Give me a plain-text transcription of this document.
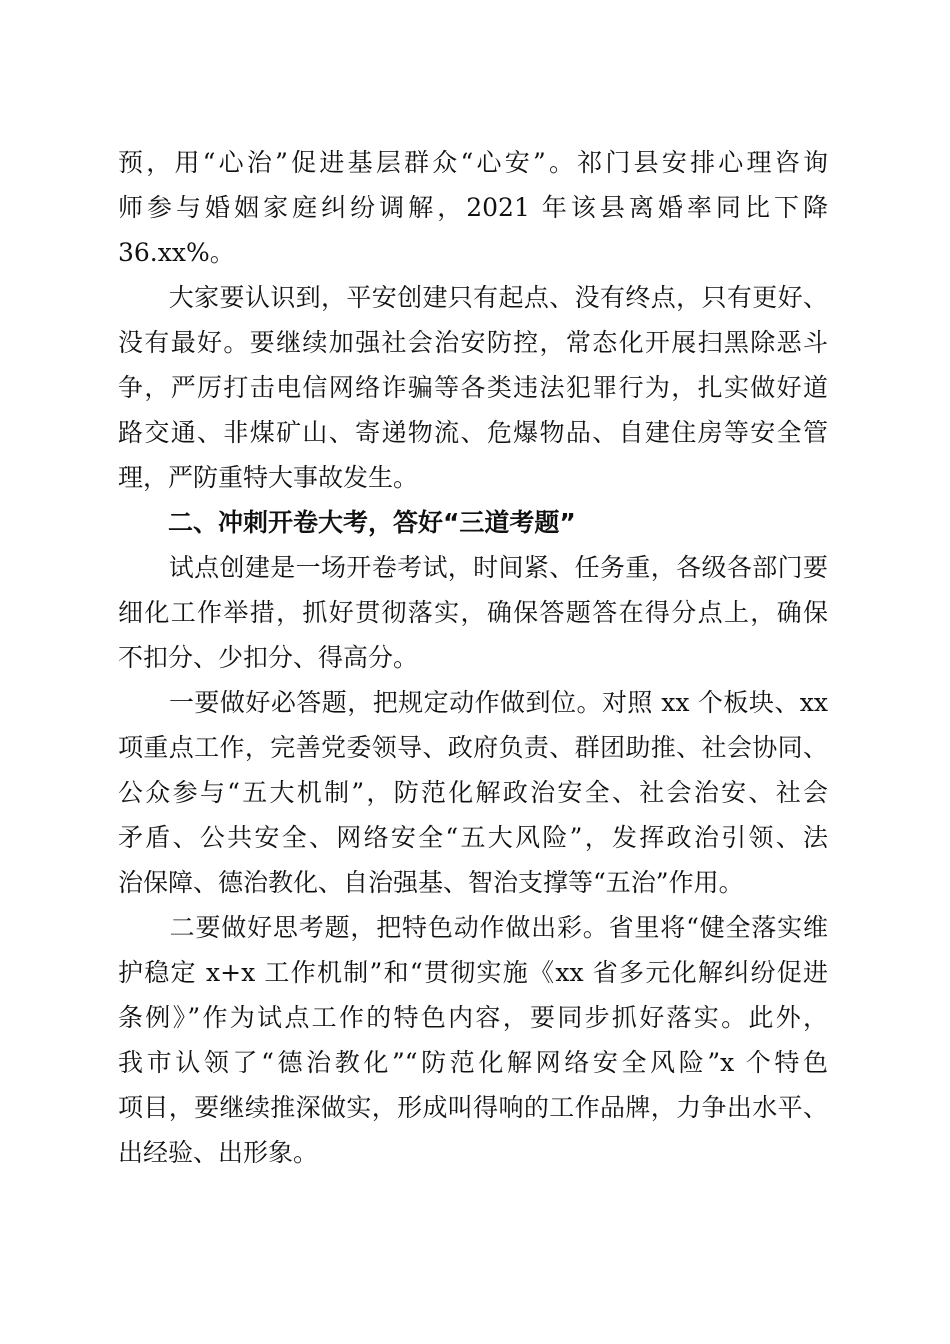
预，用“心治”促进基层群众“心安”。祁门县安排心理咨询
师参与婚姻家庭纠纷调解，2021 年该县离婚率同比下降
36.xx%。
　　大家要认识到，平安创建只有起点、没有终点，只有更好、
没有最好。要继续加强社会治安防控，常态化开展扫黑除恶斗
争，严厉打击电信网络诈骗等各类违法犯罪行为，扎实做好道
路交通、非煤矿山、寄递物流、危爆物品、自建住房等安全管
理，严防重特大事故发生。
　　二、冲刺开卷大考，答好“三道考题”
　　试点创建是一场开卷考试，时间紧、任务重，各级各部门要
细化工作举措，抓好贯彻落实，确保答题答在得分点上，确保
不扣分、少扣分、得高分。
　　一要做好必答题，把规定动作做到位。对照 xx 个板块、xx
项重点工作，完善党委领导、政府负责、群团助推、社会协同、
公众参与“五大机制”，防范化解政治安全、社会治安、社会
矛盾、公共安全、网络安全“五大风险”，发挥政治引领、法
治保障、德治教化、自治强基、智治支撑等“五治”作用。
　　二要做好思考题，把特色动作做出彩。省里将“健全落实维
护稳定 x+x 工作机制”和“贯彻实施《xx 省多元化解纠纷促进
条例》”作为试点工作的特色内容，要同步抓好落实。此外，
我市认领了“德治教化”“防范化解网络安全风险”x 个特色
项目，要继续推深做实，形成叫得响的工作品牌，力争出水平、
出经验、出形象。
